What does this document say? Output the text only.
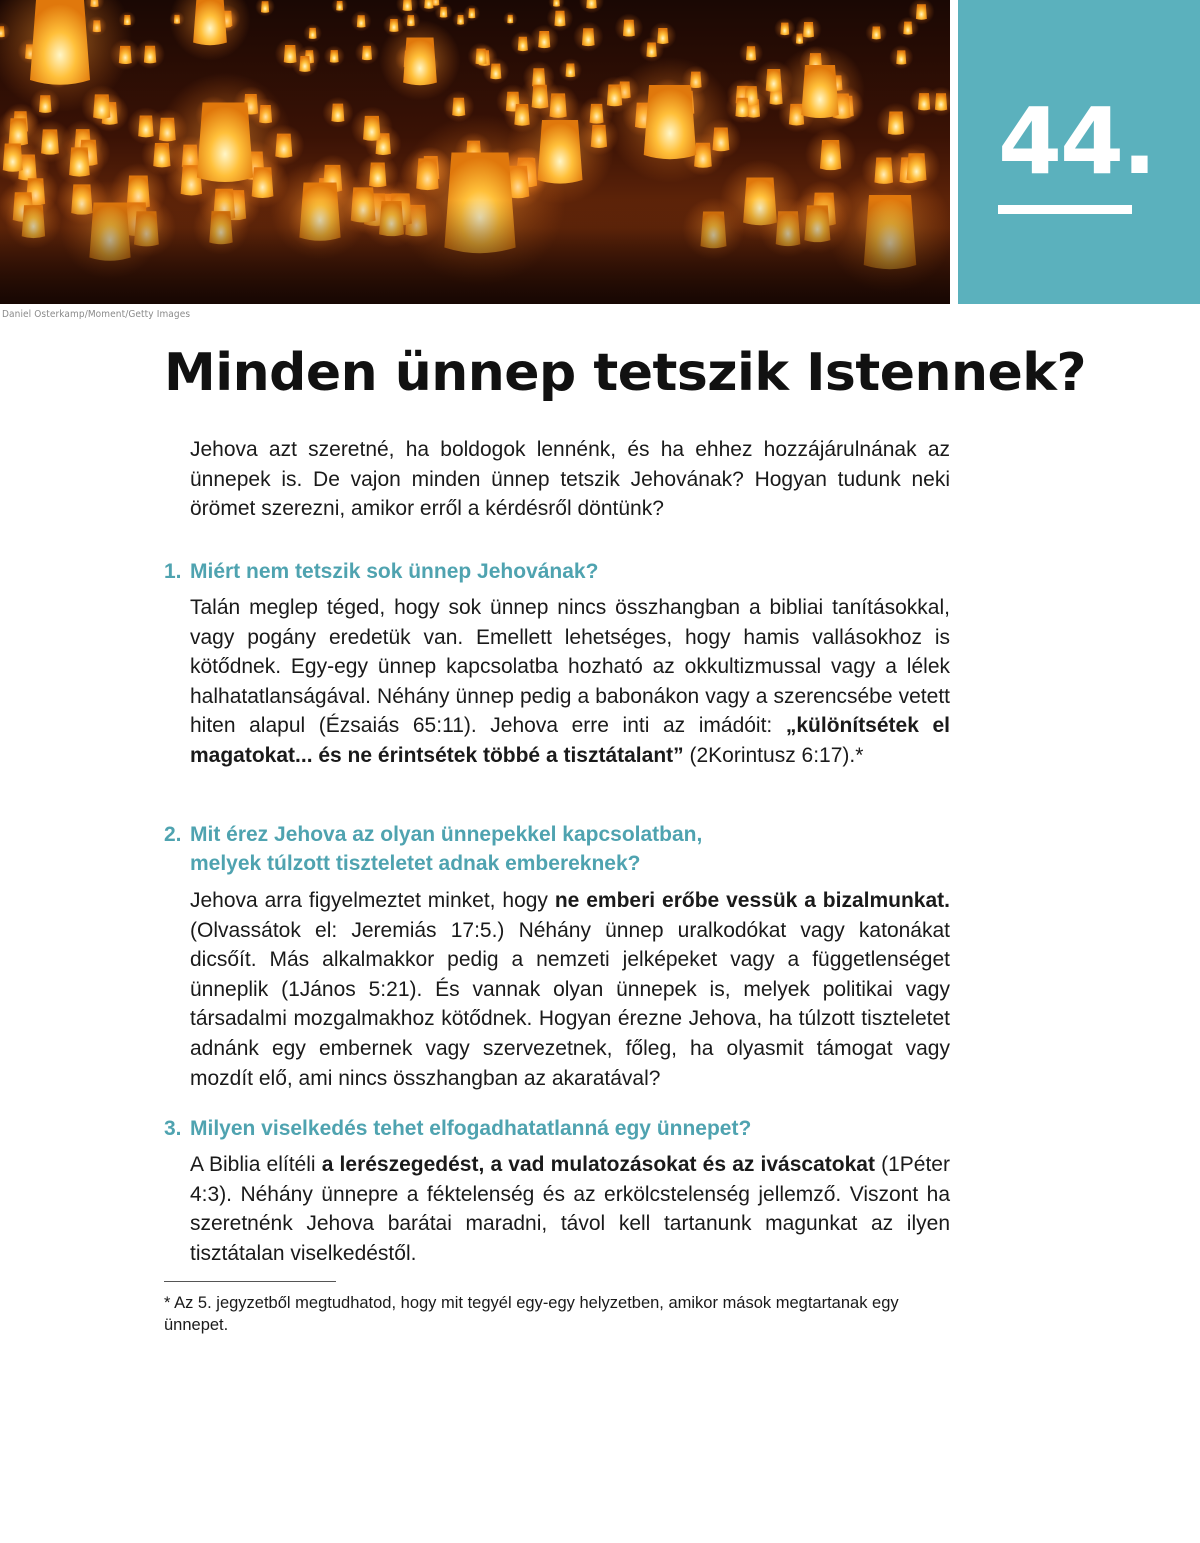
Daniel Osterkamp/Moment/Getty Images
44.
Minden ünnep tetszik Istennek?

Jehova azt szeretné, ha boldogok lennénk, és ha ehhez hozzájárulnának az ünnepek is. De vajon minden ünnep tetszik Jehovának? Hogyan tudunk neki örömet szerezni, amikor erről a kérdésről döntünk?

1. Miért nem tetszik sok ünnep Jehovának?

Talán meglep téged, hogy sok ünnep nincs összhangban a bibliai tanításokkal, vagy pogány eredetük van. Emellett lehetséges, hogy hamis vallásokhoz is kötődnek. Egy-egy ünnep kapcsolatba hozható az okkultizmussal vagy a lélek halhatatlanságával. Néhány ünnep pedig a babonákon vagy a szerencsébe vetett hiten alapul (Ézsaiás 65:11). Jehova erre inti az imádóit: „különítsétek el magatokat... és ne érintsétek többé a tisztátalant” (2Korintusz 6:17).*

2. Mit érez Jehova az olyan ünnepekkel kapcsolatban,
melyek túlzott tiszteletet adnak embereknek?

Jehova arra figyelmeztet minket, hogy ne emberi erőbe vessük a bizalmunkat. (Olvassátok el: Jeremiás 17:5.) Néhány ünnep uralkodókat vagy katonákat dicsőít. Más alkalmakkor pedig a nemzeti jelképeket vagy a függetlenséget ünneplik (1János 5:21). És vannak olyan ünnepek is, melyek politikai vagy társadalmi mozgalmakhoz kötődnek. Hogyan érezne Jehova, ha túlzott tiszteletet adnánk egy embernek vagy szervezetnek, főleg, ha olyasmit támogat vagy mozdít elő, ami nincs összhangban az akaratával?

3. Milyen viselkedés tehet elfogadhatatlanná egy ünnepet?

A Biblia elítéli a lerészegedést, a vad mulatozásokat és az iváscatokat (1Péter 4:3). Néhány ünnepre a féktelenség és az erkölcstelenség jellemző. Viszont ha szeretnénk Jehova barátai maradni, távol kell tartanunk magunkat az ilyen tisztátalan viselkedéstől.

* Az 5. jegyzetből megtudhatod, hogy mit tegyél egy-egy helyzetben, amikor mások megtartanak egy ünnepet.
